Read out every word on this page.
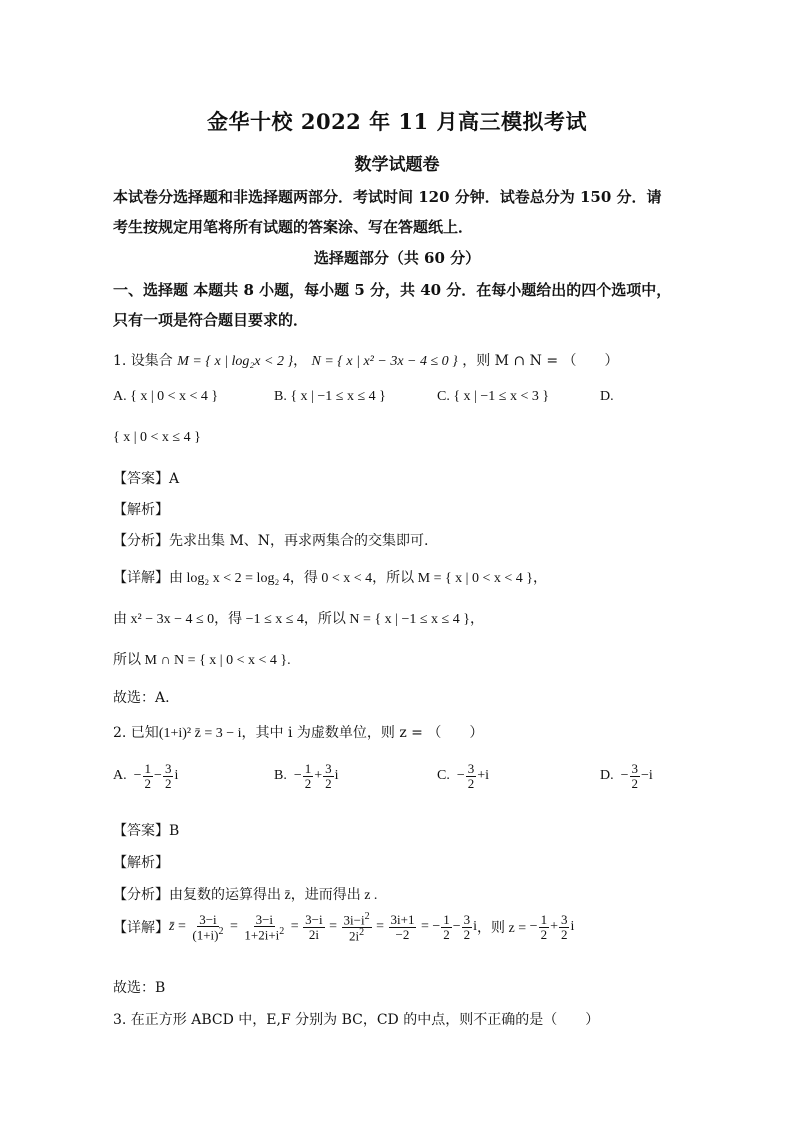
金华十校 2022 年 11 月高三模拟考试
数学试题卷
本试卷分选择题和非选择题两部分．考试时间 120 分钟．试卷总分为 150 分．请
考生按规定用笔将所有试题的答案涂、写在答题纸上．
选择题部分（共 60 分）
一、选择题 本题共 8 小题，每小题 5 分，共 40 分．在每小题给出的四个选项中，
只有一项是符合题目要求的．
1. 设集合 M = { x | log₂x < 2 }， N = { x | x² − 3x − 4 ≤ 0 } ，则 M ∩ N = （　　）
A. { x | 0 < x < 4 }	B. { x | −1 ≤ x ≤ 4 }	C. { x | −1 ≤ x < 3 }	D.
{ x | 0 < x ≤ 4 }
【答案】A
【解析】
【分析】先求出集 M、N，再求两集合的交集即可.
【详解】由 log₂ x < 2 = log₂ 4，得 0 < x < 4，所以 M = { x | 0 < x < 4 }，
由 x² − 3x − 4 ≤ 0，得 −1 ≤ x ≤ 4，所以 N = { x | −1 ≤ x ≤ 4 }，
所以 M ∩ N = { x | 0 < x < 4 }.
故选：A.
2. 已知(1+i)² z̄ = 3 − i，其中 i 为虚数单位，则 z = （　　）
A. − $\frac{1}{2} - \frac{3}{2}$ i	B. − $\frac{1}{2} + \frac{3}{2}$ i	C. − $\frac{3}{2} +i$	D. − $\frac{3}{2} -i$
【答案】B
【解析】
【分析】由复数的运算得出 z̄，进而得出 z .
【详解】 z̄ = $\frac{3-i}{(1+i)^2} = \frac{3-i}{1+2i+i^2} = \frac{3-i}{2i} = \frac{3i-i^2}{2i^2} = \frac{3i+1}{-2}$ = − $\frac{1}{2} - \frac{3}{2}$ i ，则 z = − $\frac{1}{2} + \frac{3}{2}$ i
故选：B
3. 在正方形 ABCD 中，E,F 分别为 BC，CD 的中点，则不正确的是（　　）
